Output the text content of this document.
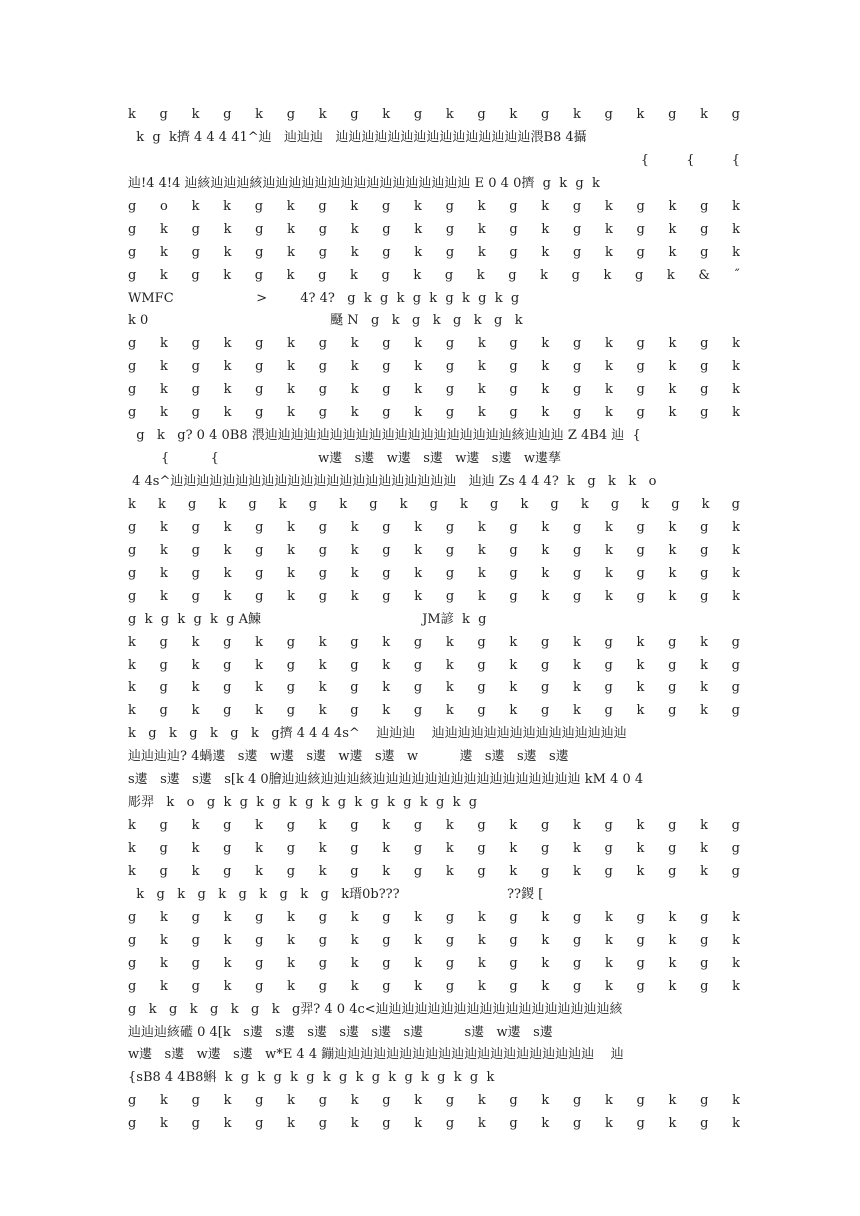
k g k g k g k g k g k g k g k g k g k g
k  g  k擠 4 4 4 41^辿   辿辿辿   辿辿辿辿辿辿辿辿辿辿辿辿辿辿辿渨B8 4攝
{         {         {
辿!4 4!4 辿絯辿辿辿絯辿辿辿辿辿辿辿辿辿辿辿辿辿辿辿辿 E 0 4 0擠  g  k  g  k
g o k k g k g k g k g k g k g k g k g k
g k g k g k g k g k g k g k g k g k g k
g k g k g k g k g k g k g k g k g k g k
g k g k g k g k g k g k g k g k g k & ˝
WMFC                    >        4? 4?   g  k  g  k  g  k  g  k  g  k  g
k 0                                            颾 N   g   k   g   k   g   k   g   k
g k g k g k g k g k g k g k g k g k g k
g k g k g k g k g k g k g k g k g k g k
g k g k g k g k g k g k g k g k g k g k
g k g k g k g k g k g k g k g k g k g k
g   k   g? 0 4 0B8 渨辿辿辿辿辿辿辿辿辿辿辿辿辿辿辿辿辿辿辿絯辿辿辿 Z 4B4 辿  {
{          {                        w遱   s遱   w遱   s遱   w遱   s遱   w遱孶
4 4s^辿辿辿辿辿辿辿辿辿辿辿辿辿辿辿辿辿辿辿辿辿辿   辿辿 Zs 4 4 4?  k   g   k   k   o
k k g k g k g k g k g k g k g k g k g k g
g k g k g k g k g k g k g k g k g k g k
g k g k g k g k g k g k g k g k g k g k
g k g k g k g k g k g k g k g k g k g k
g k g k g k g k g k g k g k g k g k g k
g  k  g  k  g  k  g A鰊                                       JM諺  k  g
k g k g k g k g k g k g k g k g k g k g
k g k g k g k g k g k g k g k g k g k g
k g k g k g k g k g k g k g k g k g k g
k g k g k g k g k g k g k g k g k g k g
k   g   k   g   k   g   k   g擠 4 4 4 4s^    辿辿辿    辿辿辿辿辿辿辿辿辿辿辿辿辿辿辿
辿辿辿辿? 4蝸遱   s遱   w遱   s遱   w遱   s遱   w          遱   s遱   s遱   s遱
s遱   s遱   s遱   s[k 4 0膾辿辿絯辿辿辿絯辿辿辿辿辿辿辿辿辿辿辿辿辿辿辿辿 kM 4 0 4
彫羿   k   o   g  k  g  k  g  k  g  k  g  k  g  k  g  k  g  k  g
k g k g k g k g k g k g k g k g k g k g
k g k g k g k g k g k g k g k g k g k g
k g k g k g k g k g k g k g k g k g k g
k   g   k   g   k   g   k   g   k   g   k瑨0b???                          ??鍐 [
g k g k g k g k g k g k g k g k g k g k
g k g k g k g k g k g k g k g k g k g k
g k g k g k g k g k g k g k g k g k g k
g k g k g k g k g k g k g k g k g k g k
g   k   g   k   g   k   g   k   g羿? 4 0 4c<辿辿辿辿辿辿辿辿辿辿辿辿辿辿辿辿辿辿絯
辿辿辿絯礷 0 4[k   s遱   s遱   s遱   s遱   s遱   s遱          s遱   w遱   s遱
w遱   s遱   w遱   s遱   w*E 4 4 鏰辿辿辿辿辿辿辿辿辿辿辿辿辿辿辿辿辿辿辿辿    辿
{sB8 4 4B8蝌  k  g  k  g  k  g  k  g  k  g  k  g  k  g  k  g  k
g k g k g k g k g k g k g k g k g k g k
g k g k g k g k g k g k g k g k g k g k
